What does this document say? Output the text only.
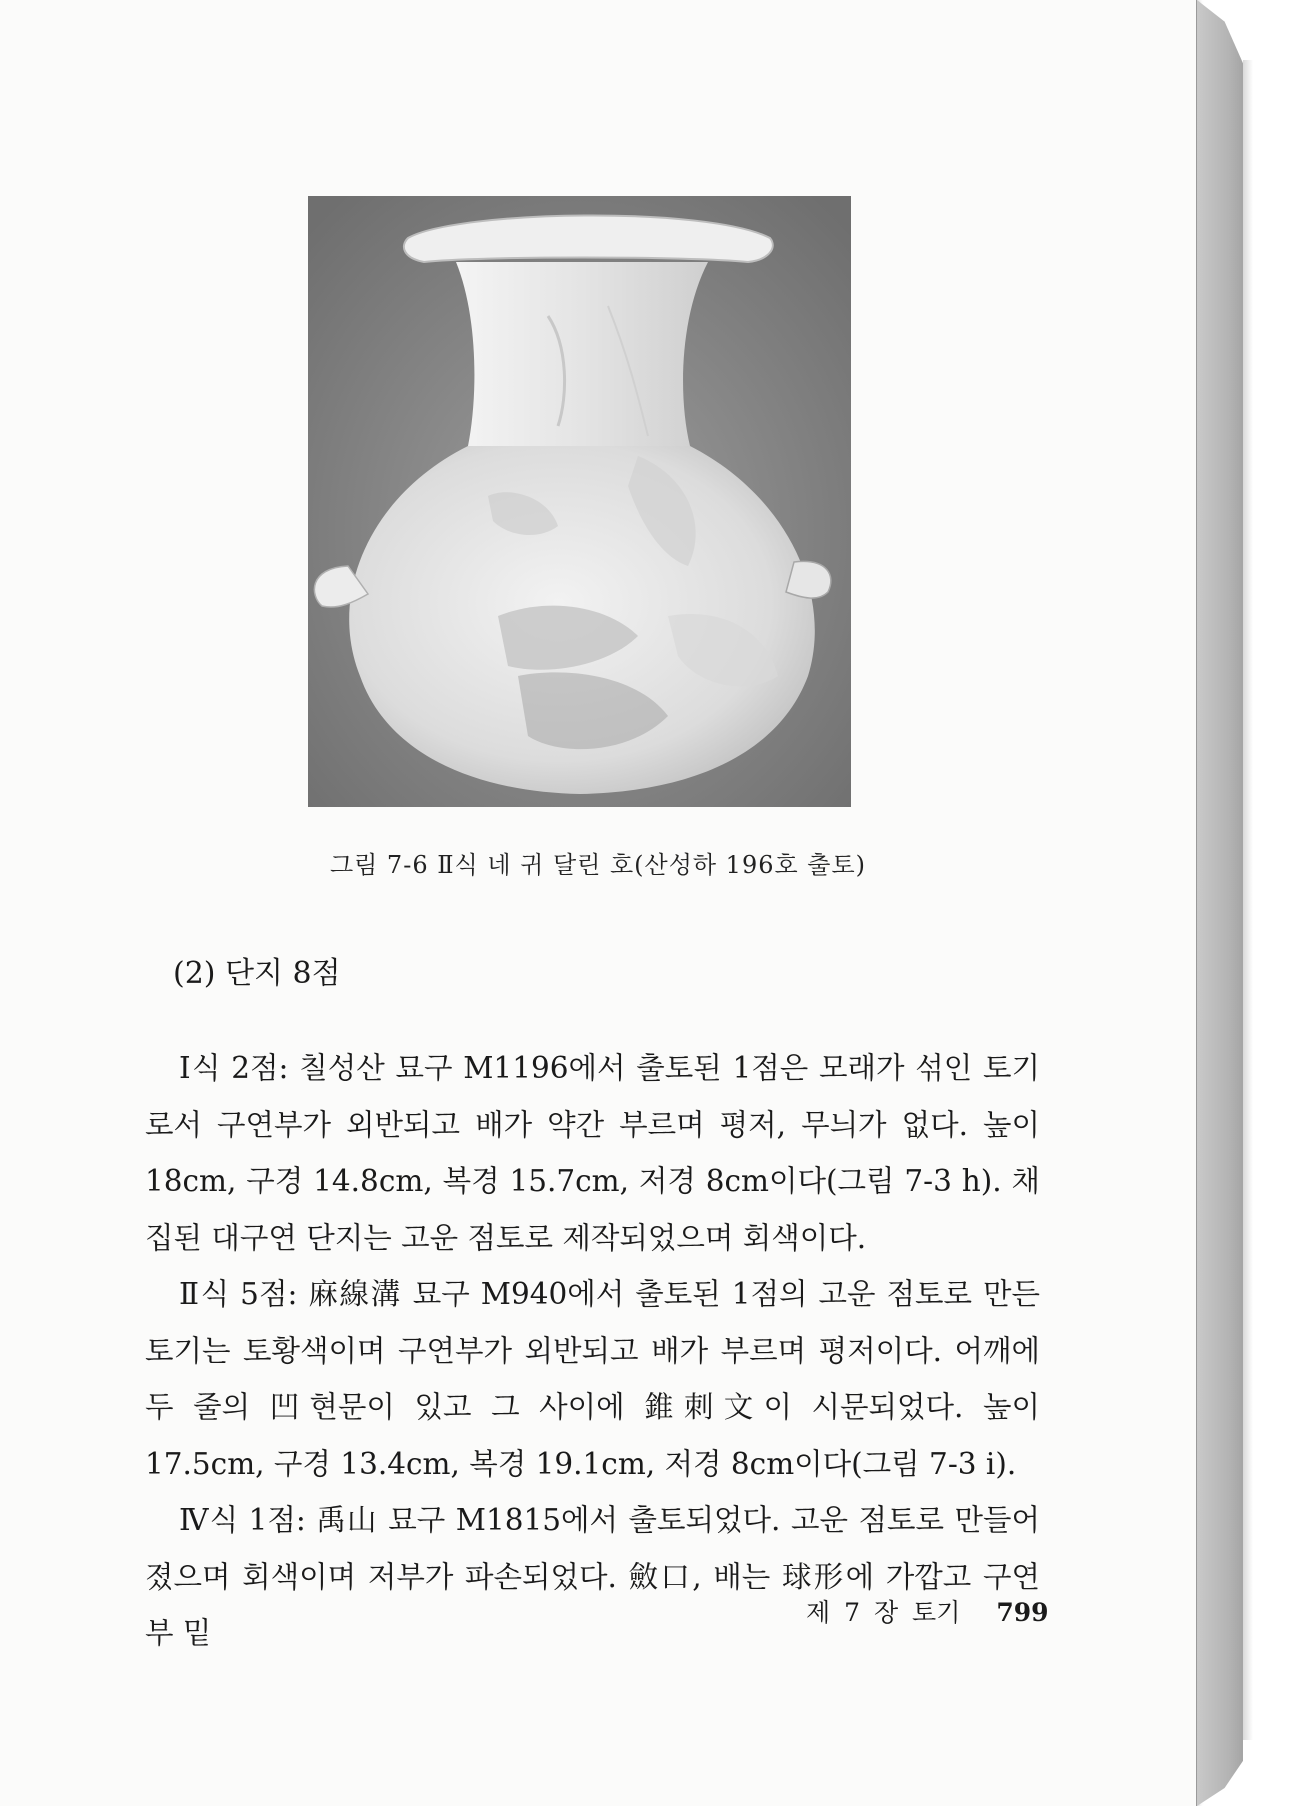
그림 7-6 Ⅱ식 네 귀 달린 호(산성하 196호 출토)
(2) 단지 8점

Ⅰ식 2점: 칠성산 묘구 M1196에서 출토된 1점은 모래가 섞인 토기로서 구연부가 외반되고 배가 약간 부르며 평저, 무늬가 없다. 높이 18cm, 구경 14.8cm, 복경 15.7cm, 저경 8cm이다(그림 7-3 h). 채집된 대구연 단지는 고운 점토로 제작되었으며 회색이다.

Ⅱ식 5점: 麻線溝 묘구 M940에서 출토된 1점의 고운 점토로 만든 토기는 토황색이며 구연부가 외반되고 배가 부르며 평저이다. 어깨에 두 줄의 凹현문이 있고 그 사이에 錐刺文이 시문되었다. 높이 17.5cm, 구경 13.4cm, 복경 19.1cm, 저경 8cm이다(그림 7-3 i).

Ⅳ식 1점: 禹山 묘구 M1815에서 출토되었다. 고운 점토로 만들어졌으며 회색이며 저부가 파손되었다. 斂口, 배는 球形에 가깝고 구연부 밑

제 7 장 토기 799
